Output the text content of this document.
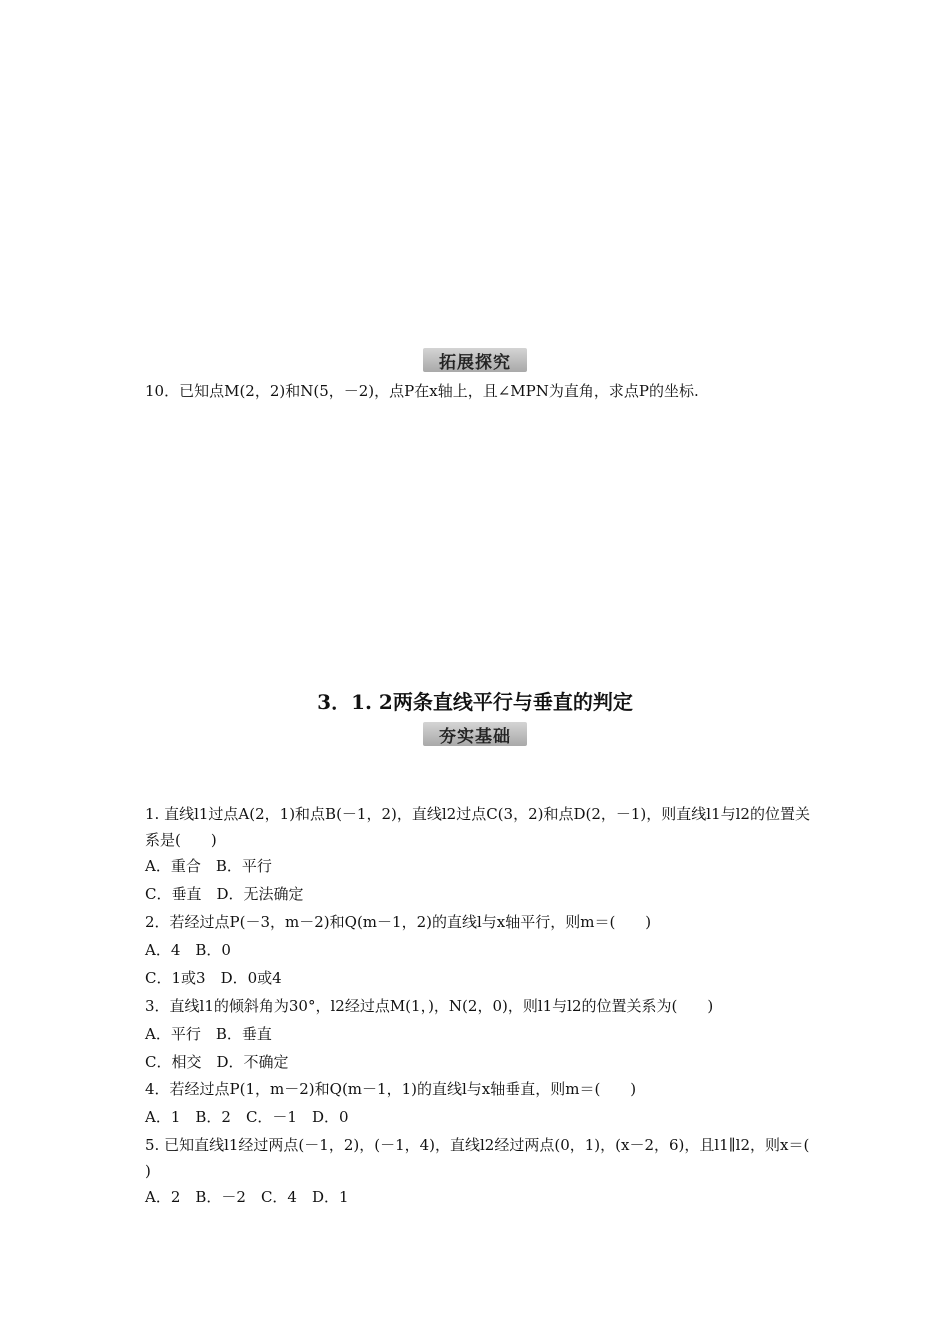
拓展探究
10．已知点M(2，2)和N(5，－2)，点P在x轴上，且∠MPN为直角，求点P的坐标.
3．1. 2两条直线平行与垂直的判定
夯实基础
1. 直线l1过点A(2，1)和点B(－1，2)，直线l2过点C(3，2)和点D(2，－1)，则直线l1与l2的位置关
系是(　　)
A．重合　B．平行
C．垂直　D．无法确定
2．若经过点P(－3，m－2)和Q(m－1，2)的直线l与x轴平行，则m＝(　　)
A．4　B．0
C．1或3　D．0或4
3．直线l1的倾斜角为30°，l2经过点M(1，)，N(2，0)，则l1与l2的位置关系为(　　)
A．平行　B．垂直
C．相交　D．不确定
4．若经过点P(1，m－2)和Q(m－1，1)的直线l与x轴垂直，则m＝(　　)
A．1　B．2　C．－1　D．0
5. 已知直线l1经过两点(－1，2)，(－1，4)，直线l2经过两点(0，1)，(x－2，6)，且l1∥l2，则x＝(
)
A．2　B．－2　C．4　D．1
